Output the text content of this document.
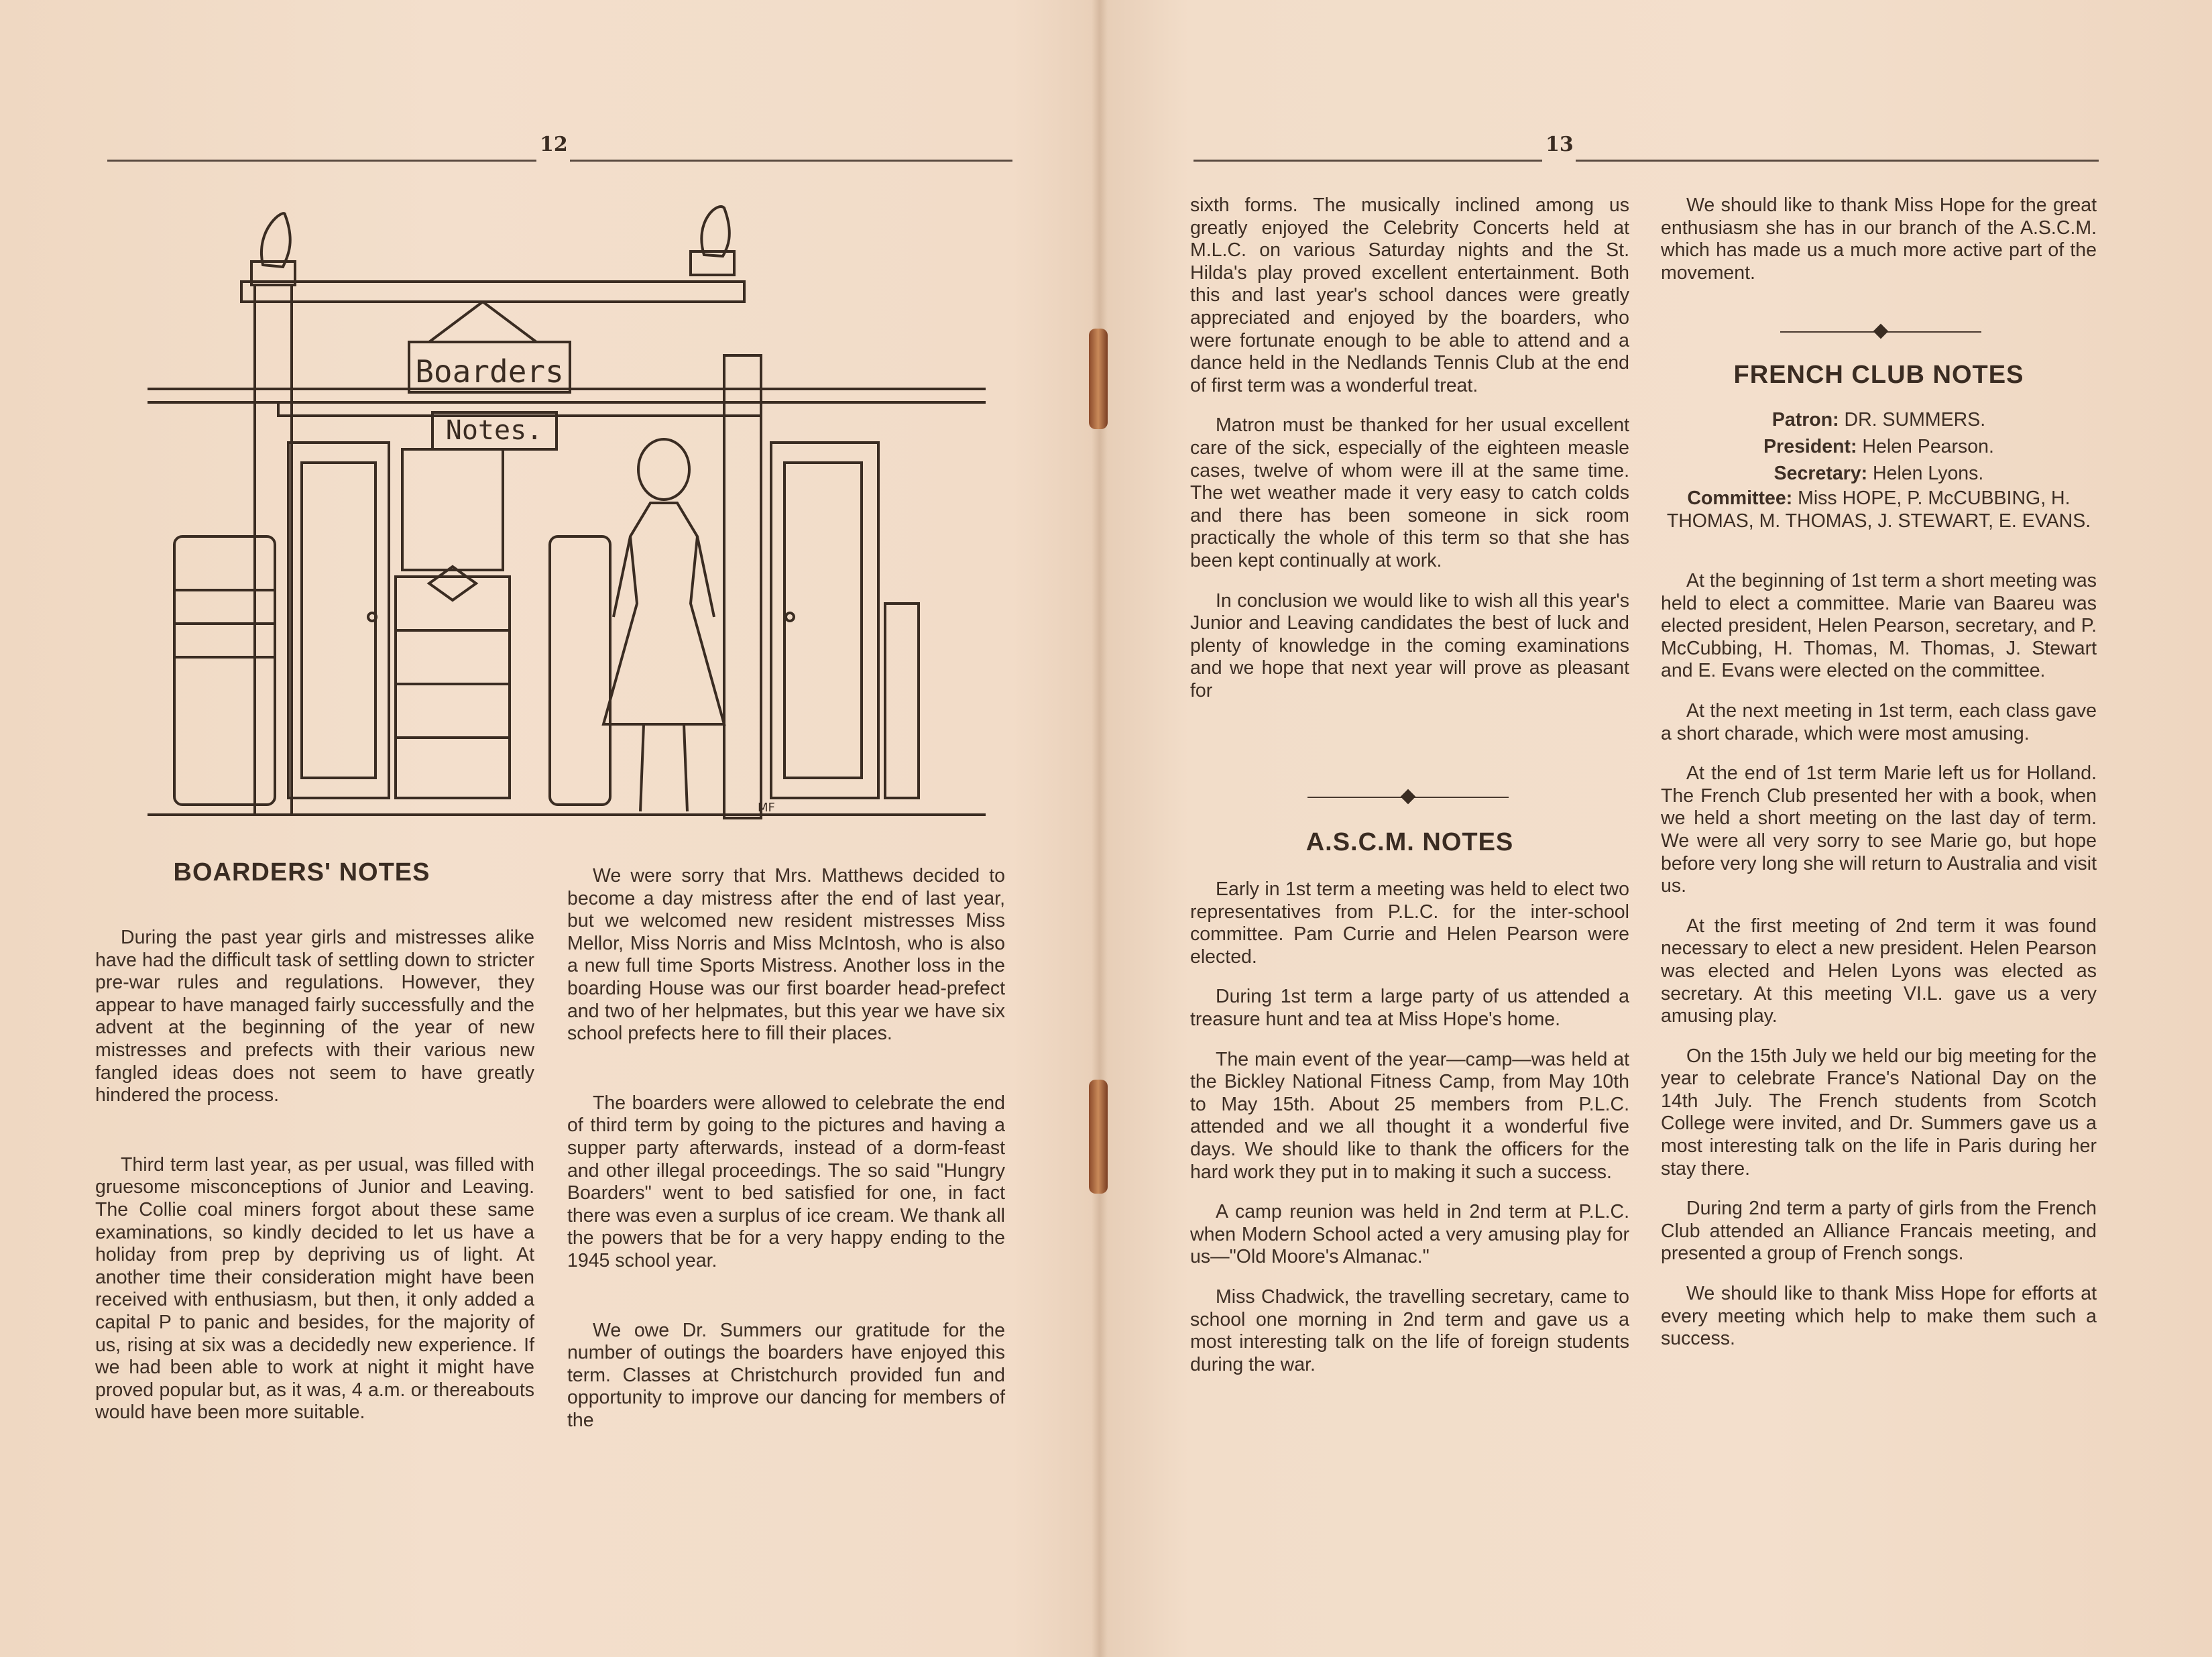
12
Boarders
Notes.
MF
BOARDERS' NOTES

During the past year girls and mistresses alike have had the difficult task of settling down to stricter pre-war rules and regulations. However, they appear to have managed fairly successfully and the advent at the beginning of the year of new mistresses and prefects with their various new fangled ideas does not seem to have greatly hindered the process.

Third term last year, as per usual, was filled with gruesome misconceptions of Junior and Leaving. The Collie coal miners forgot about these same examinations, so kindly decided to let us have a holiday from prep by depriving us of light. At another time their consideration might have been received with enthusiasm, but then, it only added a capital P to panic and besides, for the majority of us, rising at six was a decidedly new experience. If we had been able to work at night it might have proved popular but, as it was, 4 a.m. or thereabouts would have been more suitable.

We were sorry that Mrs. Matthews decided to become a day mistress after the end of last year, but we welcomed new resident mistresses Miss Mellor, Miss Norris and Miss McIntosh, who is also a new full time Sports Mistress. Another loss in the boarding House was our first boarder head-prefect and two of her helpmates, but this year we have six school prefects here to fill their places.

The boarders were allowed to celebrate the end of third term by going to the pictures and having a supper party afterwards, instead of a dorm-feast and other illegal proceedings. The so said "Hungry Boarders" went to bed satisfied for one, in fact there was even a surplus of ice cream. We thank all the powers that be for a very happy ending to the 1945 school year.

We owe Dr. Summers our gratitude for the number of outings the boarders have enjoyed this term. Classes at Christchurch provided fun and opportunity to improve our dancing for members of the

13

sixth forms. The musically inclined among us greatly enjoyed the Celebrity Concerts held at M.L.C. on various Saturday nights and the St. Hilda's play proved excellent entertainment. Both this and last year's school dances were greatly appreciated and enjoyed by the boarders, who were fortunate enough to be able to attend and a dance held in the Nedlands Tennis Club at the end of first term was a wonderful treat.

Matron must be thanked for her usual excellent care of the sick, especially of the eighteen measle cases, twelve of whom were ill at the same time. The wet weather made it very easy to catch colds and there has been someone in sick room practically the whole of this term so that she has been kept continually at work.

In conclusion we would like to wish all this year's Junior and Leaving candidates the best of luck and plenty of knowledge in the coming examinations and we hope that next year will prove as pleasant for

A.S.C.M. NOTES

Early in 1st term a meeting was held to elect two representatives from P.L.C. for the inter-school committee. Pam Currie and Helen Pearson were elected.

During 1st term a large party of us attended a treasure hunt and tea at Miss Hope's home.

The main event of the year—camp—was held at the Bickley National Fitness Camp, from May 10th to May 15th. About 25 members from P.L.C. attended and we all thought it a wonderful five days. We should like to thank the officers for the hard work they put in to making it such a success.

A camp reunion was held in 2nd term at P.L.C. when Modern School acted a very amusing play for us—"Old Moore's Almanac."

Miss Chadwick, the travelling secretary, came to school one morning in 2nd term and gave us a most interesting talk on the life of foreign students during the war.

We should like to thank Miss Hope for the great enthusiasm she has in our branch of the A.S.C.M. which has made us a much more active part of the movement.

FRENCH CLUB NOTES
Patron: DR. SUMMERS.
President: Helen Pearson.
Secretary: Helen Lyons.
Committee: Miss HOPE, P. McCUBBING, H. THOMAS, M. THOMAS, J. STEWART, E. EVANS.

At the beginning of 1st term a short meeting was held to elect a committee. Marie van Baareu was elected president, Helen Pearson, secretary, and P. McCubbing, H. Thomas, M. Thomas, J. Stewart and E. Evans were elected on the committee.

At the next meeting in 1st term, each class gave a short charade, which were most amusing.

At the end of 1st term Marie left us for Holland. The French Club presented her with a book, when we held a short meeting on the last day of term. We were all very sorry to see Marie go, but hope before very long she will return to Australia and visit us.

At the first meeting of 2nd term it was found necessary to elect a new president. Helen Pearson was elected and Helen Lyons was elected as secretary. At this meeting VI.L. gave us a very amusing play.

On the 15th July we held our big meeting for the year to celebrate France's National Day on the 14th July. The French students from Scotch College were invited, and Dr. Summers gave us a most interesting talk on the life in Paris during her stay there.

During 2nd term a party of girls from the French Club attended an Alliance Francais meeting, and presented a group of French songs.

We should like to thank Miss Hope for efforts at every meeting which help to make them such a success.
